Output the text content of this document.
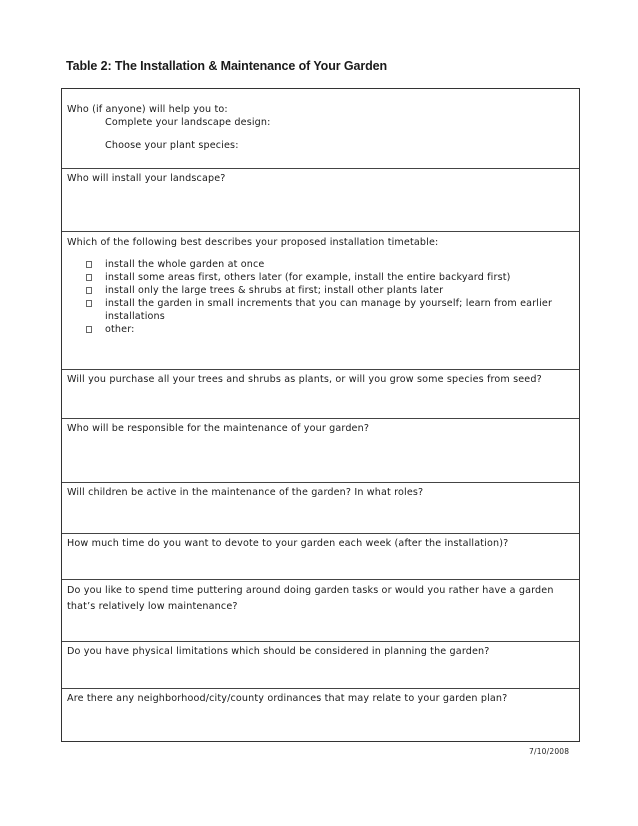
Table 2: The Installation & Maintenance of Your Garden
Who (if anyone) will help you to:
Complete your landscape design:
Choose your plant species:
Who will install your landscape?
Which of the following best describes your proposed installation timetable:
install the whole garden at once
install some areas first, others later (for example, install the entire backyard first)
install only the large trees & shrubs at first; install other plants later
install the garden in small increments that you can manage by yourself; learn from earlier installations
other:
Will you purchase all your trees and shrubs as plants, or will you grow some species from seed?
Who will be responsible for the maintenance of your garden?
Will children be active in the maintenance of the garden? In what roles?
How much time do you want to devote to your garden each week (after the installation)?
Do you like to spend time puttering around doing garden tasks or would you rather have a garden that’s relatively low maintenance?
Do you have physical limitations which should be considered in planning the garden?
Are there any neighborhood/city/county ordinances that may relate to your garden plan?
7/10/2008
